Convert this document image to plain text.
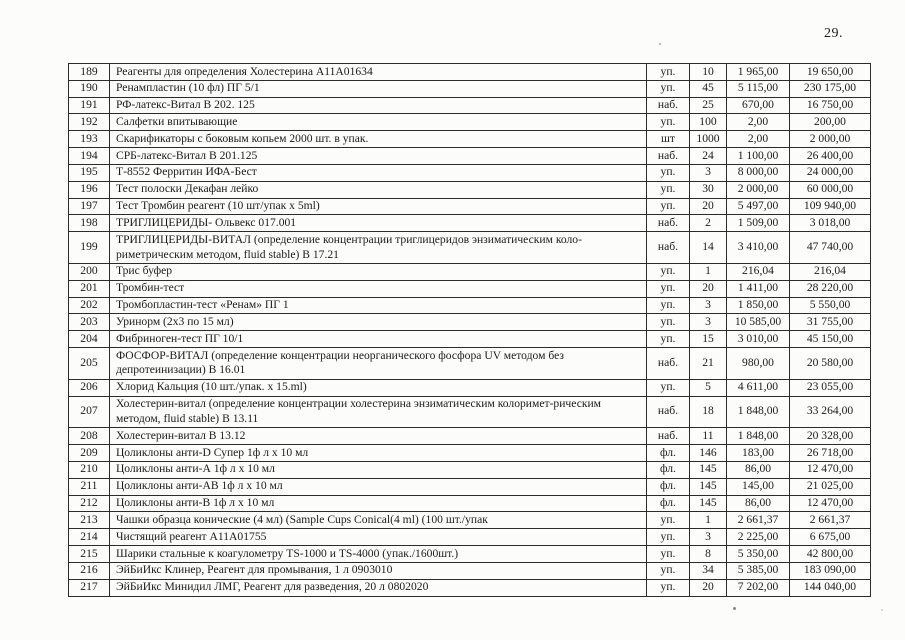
29.
189	Реагенты для определения Холестерина А11А01634	уп.	10	1 965,00	19 650,00
190	Ренампластин (10 фл) ПГ 5/1	уп.	45	5 115,00	230 175,00
191	РФ-латекс-Витал В 202. 125	наб.	25	670,00	16 750,00
192	Салфетки впитывающие	уп.	100	2,00	200,00
193	Скарификаторы с боковым копьем 2000 шт. в упак.	шт	1000	2,00	2 000,00
194	СРБ-латекс-Витал В 201.125	наб.	24	1 100,00	26 400,00
195	Т-8552 Ферритин ИФА-Бест	уп.	3	8 000,00	24 000,00
196	Тест полоски Декафан лейко	уп.	30	2 000,00	60 000,00
197	Тест Тромбин реагент (10 шт/упак x 5ml)	уп.	20	5 497,00	109 940,00
198	ТРИГЛИЦЕРИДЫ- Ольвекс 017.001	наб.	2	1 509,00	3 018,00
199	ТРИГЛИЦЕРИДЫ-ВИТАЛ (определение концентрации триглицеридов энзиматическим коло-риметрическим методом, fluid stable) В 17.21	наб.	14	3 410,00	47 740,00
200	Трис буфер	уп.	1	216,04	216,04
201	Тромбин-тест	уп.	20	1 411,00	28 220,00
202	Тромбопластин-тест «Ренам» ПГ 1	уп.	3	1 850,00	5 550,00
203	Уринорм (2х3 по 15 мл)	уп.	3	10 585,00	31 755,00
204	Фибриноген-тест ПГ 10/1	уп.	15	3 010,00	45 150,00
205	ФОСФОР-ВИТАЛ (определение концентрации неорганического фосфора UV методом без депротеинизации) В 16.01	наб.	21	980,00	20 580,00
206	Хлорид Кальция (10 шт./упак. х 15.ml)	уп.	5	4 611,00	23 055,00
207	Холестерин-витал (определение концентрации холестерина энзиматическим колоримет-рическим методом, fluid stable) В 13.11	наб.	18	1 848,00	33 264,00
208	Холестерин-витал В 13.12	наб.	11	1 848,00	20 328,00
209	Цоликлоны анти-D Супер 1ф л х 10 мл	фл.	146	183,00	26 718,00
210	Цоликлоны анти-А 1ф л х 10 мл	фл.	145	86,00	12 470,00
211	Цоликлоны анти-АВ 1ф л х 10 мл	фл.	145	145,00	21 025,00
212	Цоликлоны анти-В 1ф л х 10 мл	фл.	145	86,00	12 470,00
213	Чашки образца конические (4 мл) (Sample Cups Conical(4 ml) (100 шт./упак	уп.	1	2 661,37	2 661,37
214	Чистящий реагент А11А01755	уп.	3	2 225,00	6 675,00
215	Шарики стальные к коагулометру TS-1000 и TS-4000 (упак./1600шт.)	уп.	8	5 350,00	42 800,00
216	ЭйБиИкс Клинер, Реагент для промывания, 1 л 0903010	уп.	34	5 385,00	183 090,00
217	ЭйБиИкс Минидил ЛМГ, Реагент для разведения, 20 л 0802020	уп.	20	7 202,00	144 040,00
